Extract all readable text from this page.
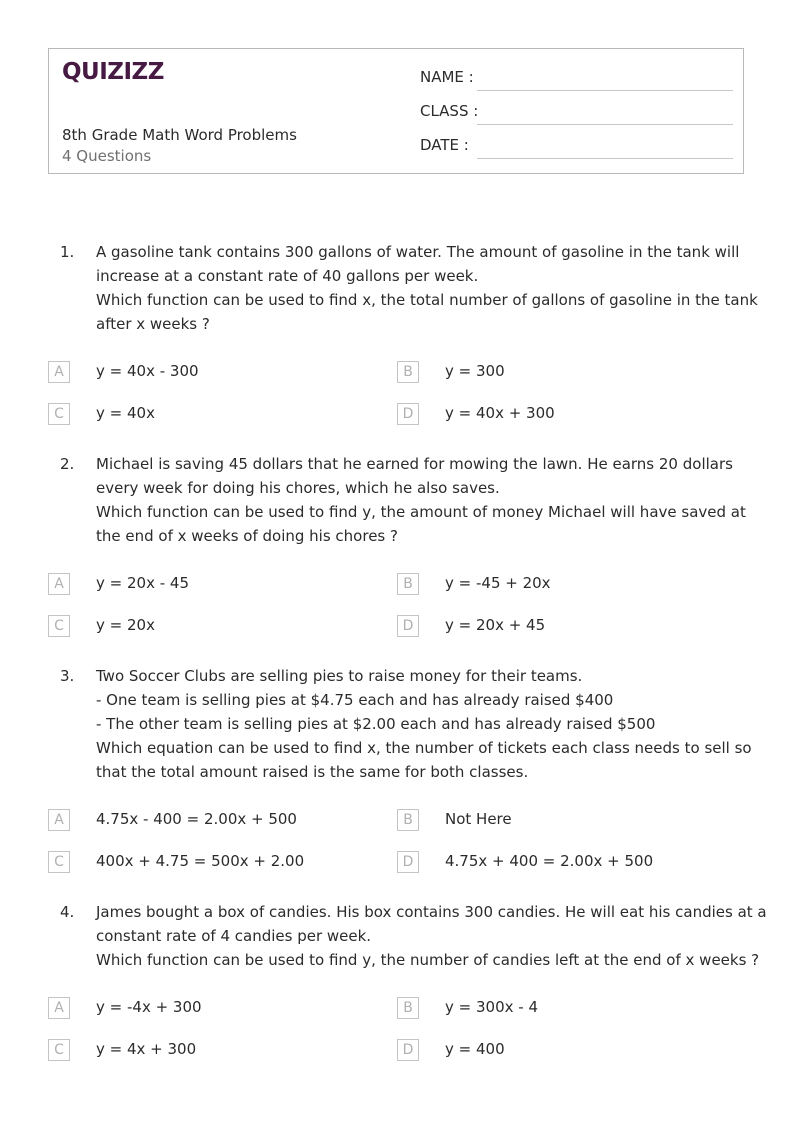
QUIZIZZ
8th Grade Math Word Problems
4 Questions
NAME :
CLASS :
DATE :
1. A gasoline tank contains 300 gallons of water. The amount of gasoline in the tank will
increase at a constant rate of 40 gallons per week.
Which function can be used to find x, the total number of gallons of gasoline in the tank
after x weeks ?
A	y = 40x - 300	B	y = 300
C	y = 40x	D	y = 40x + 300
2. Michael is saving 45 dollars that he earned for mowing the lawn. He earns 20 dollars
every week for doing his chores, which he also saves.
Which function can be used to find y, the amount of money Michael will have saved at
the end of x weeks of doing his chores ?
A	y = 20x - 45	B	y = -45 + 20x
C	y = 20x	D	y = 20x + 45
3. Two Soccer Clubs are selling pies to raise money for their teams.
- One team is selling pies at $4.75 each and has already raised $400
- The other team is selling pies at $2.00 each and has already raised $500
Which equation can be used to find x, the number of tickets each class needs to sell so
that the total amount raised is the same for both classes.
A	4.75x - 400 = 2.00x + 500	B	Not Here
C	400x + 4.75 = 500x + 2.00	D	4.75x + 400 = 2.00x + 500
4. James bought a box of candies. His box contains 300 candies. He will eat his candies at a
constant rate of 4 candies per week.
Which function can be used to find y, the number of candies left at the end of x weeks ?
A	y = -4x + 300	B	y = 300x - 4
C	y = 4x + 300	D	y = 400
